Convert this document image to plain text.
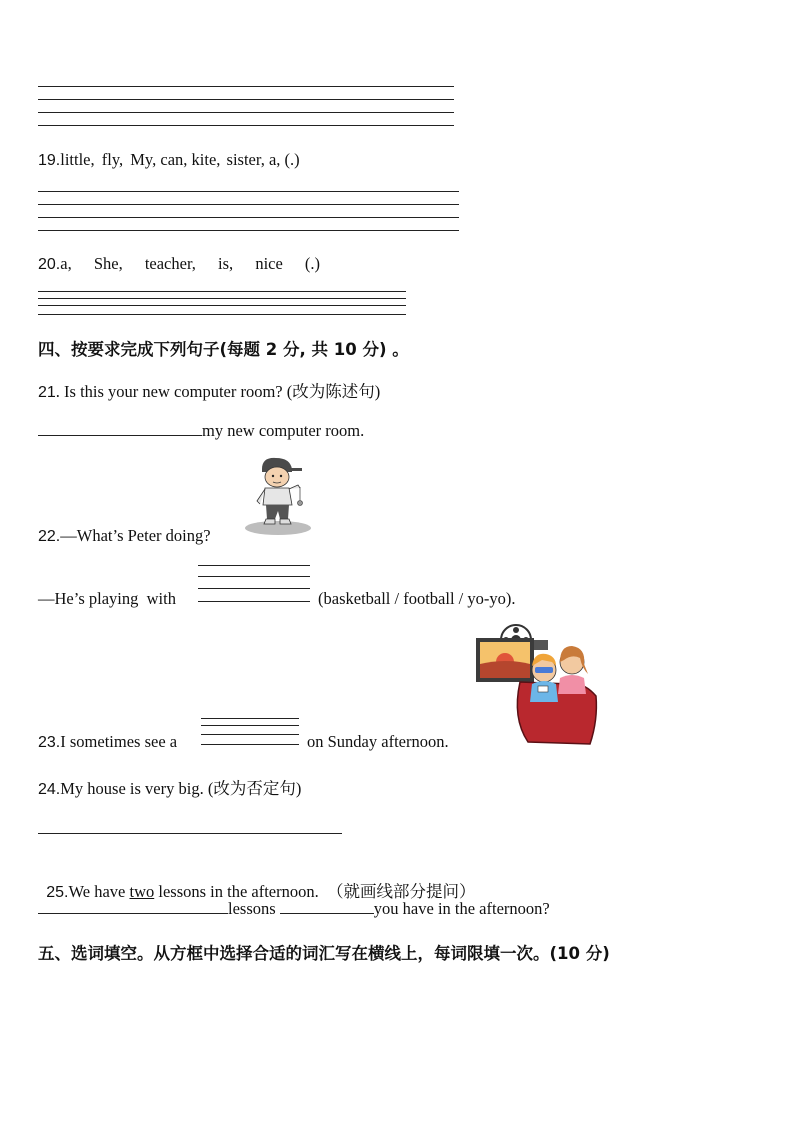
19.little, fly, My, can, kite, sister, a, (.)
20.a, She, teacher, is, nice (.)
四、按要求完成下列句子(每题 2 分, 共 10 分) 。
21. Is this your new computer room? (改为陈述句)
my new computer room.
22.—What’s Peter doing?
—He’s playing  with	(basketball / football / yo-yo).
23.I sometimes see a	on Sunday afternoon.
24.My house is very big. (改为否定句)

25.We have two lessons in the afternoon.  （就画线部分提问）

lessons	you have in the afternoon?
五、选词填空。从方框中选择合适的词汇写在横线上，每词限填一次。(10 分)
